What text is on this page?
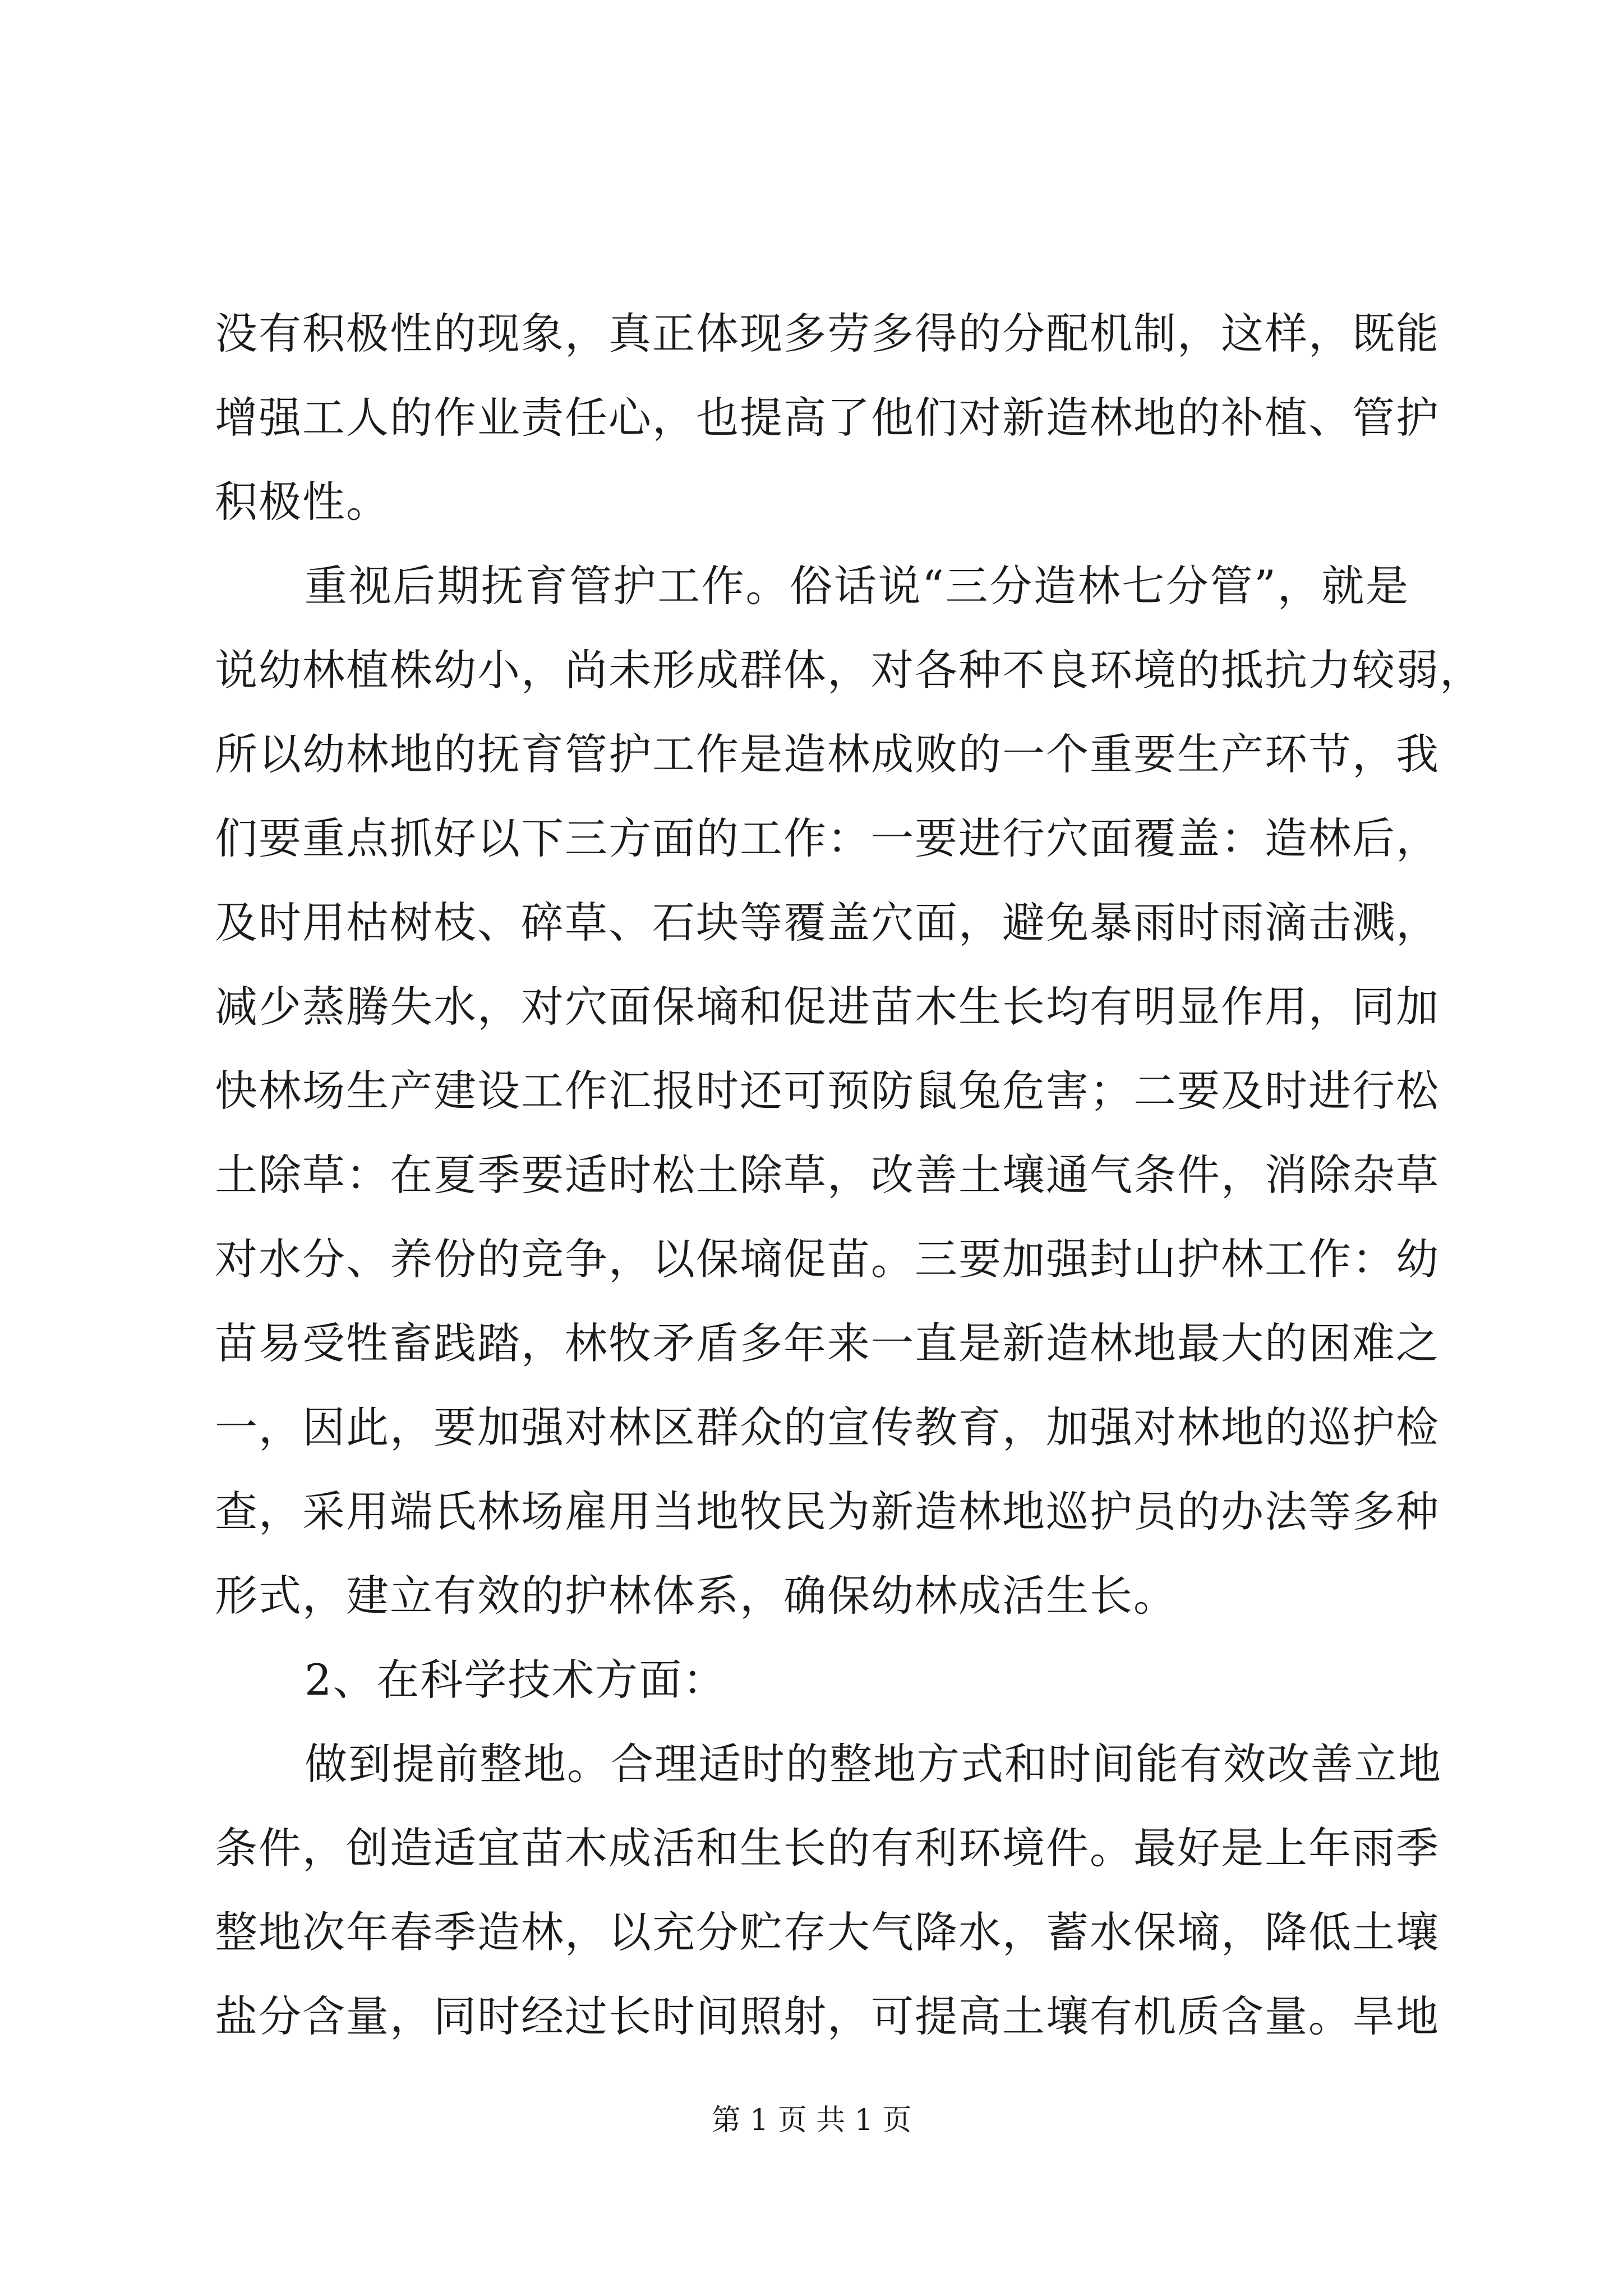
没有积极性的现象，真正体现多劳多得的分配机制，这样，既能
增强工人的作业责任心，也提高了他们对新造林地的补植、管护
积极性。
重视后期抚育管护工作。俗话说“三分造林七分管”，就是
说幼林植株幼小，尚未形成群体，对各种不良环境的抵抗力较弱，
所以幼林地的抚育管护工作是造林成败的一个重要生产环节，我
们要重点抓好以下三方面的工作：一要进行穴面覆盖：造林后，
及时用枯树枝、碎草、石块等覆盖穴面，避免暴雨时雨滴击溅，
减少蒸腾失水，对穴面保墒和促进苗木生长均有明显作用，同加
快林场生产建设工作汇报时还可预防鼠兔危害；二要及时进行松
土除草：在夏季要适时松土除草，改善土壤通气条件，消除杂草
对水分、养份的竞争，以保墒促苗。三要加强封山护林工作：幼
苗易受牲畜践踏，林牧矛盾多年来一直是新造林地最大的困难之
一，因此，要加强对林区群众的宣传教育，加强对林地的巡护检
查，采用端氏林场雇用当地牧民为新造林地巡护员的办法等多种
形式，建立有效的护林体系，确保幼林成活生长。
2、在科学技术方面：
做到提前整地。合理适时的整地方式和时间能有效改善立地
条件，创造适宜苗木成活和生长的有利环境件。最好是上年雨季
整地次年春季造林，以充分贮存大气降水，蓄水保墒，降低土壤
盐分含量，同时经过长时间照射，可提高土壤有机质含量。旱地
第 1 页 共 1 页
